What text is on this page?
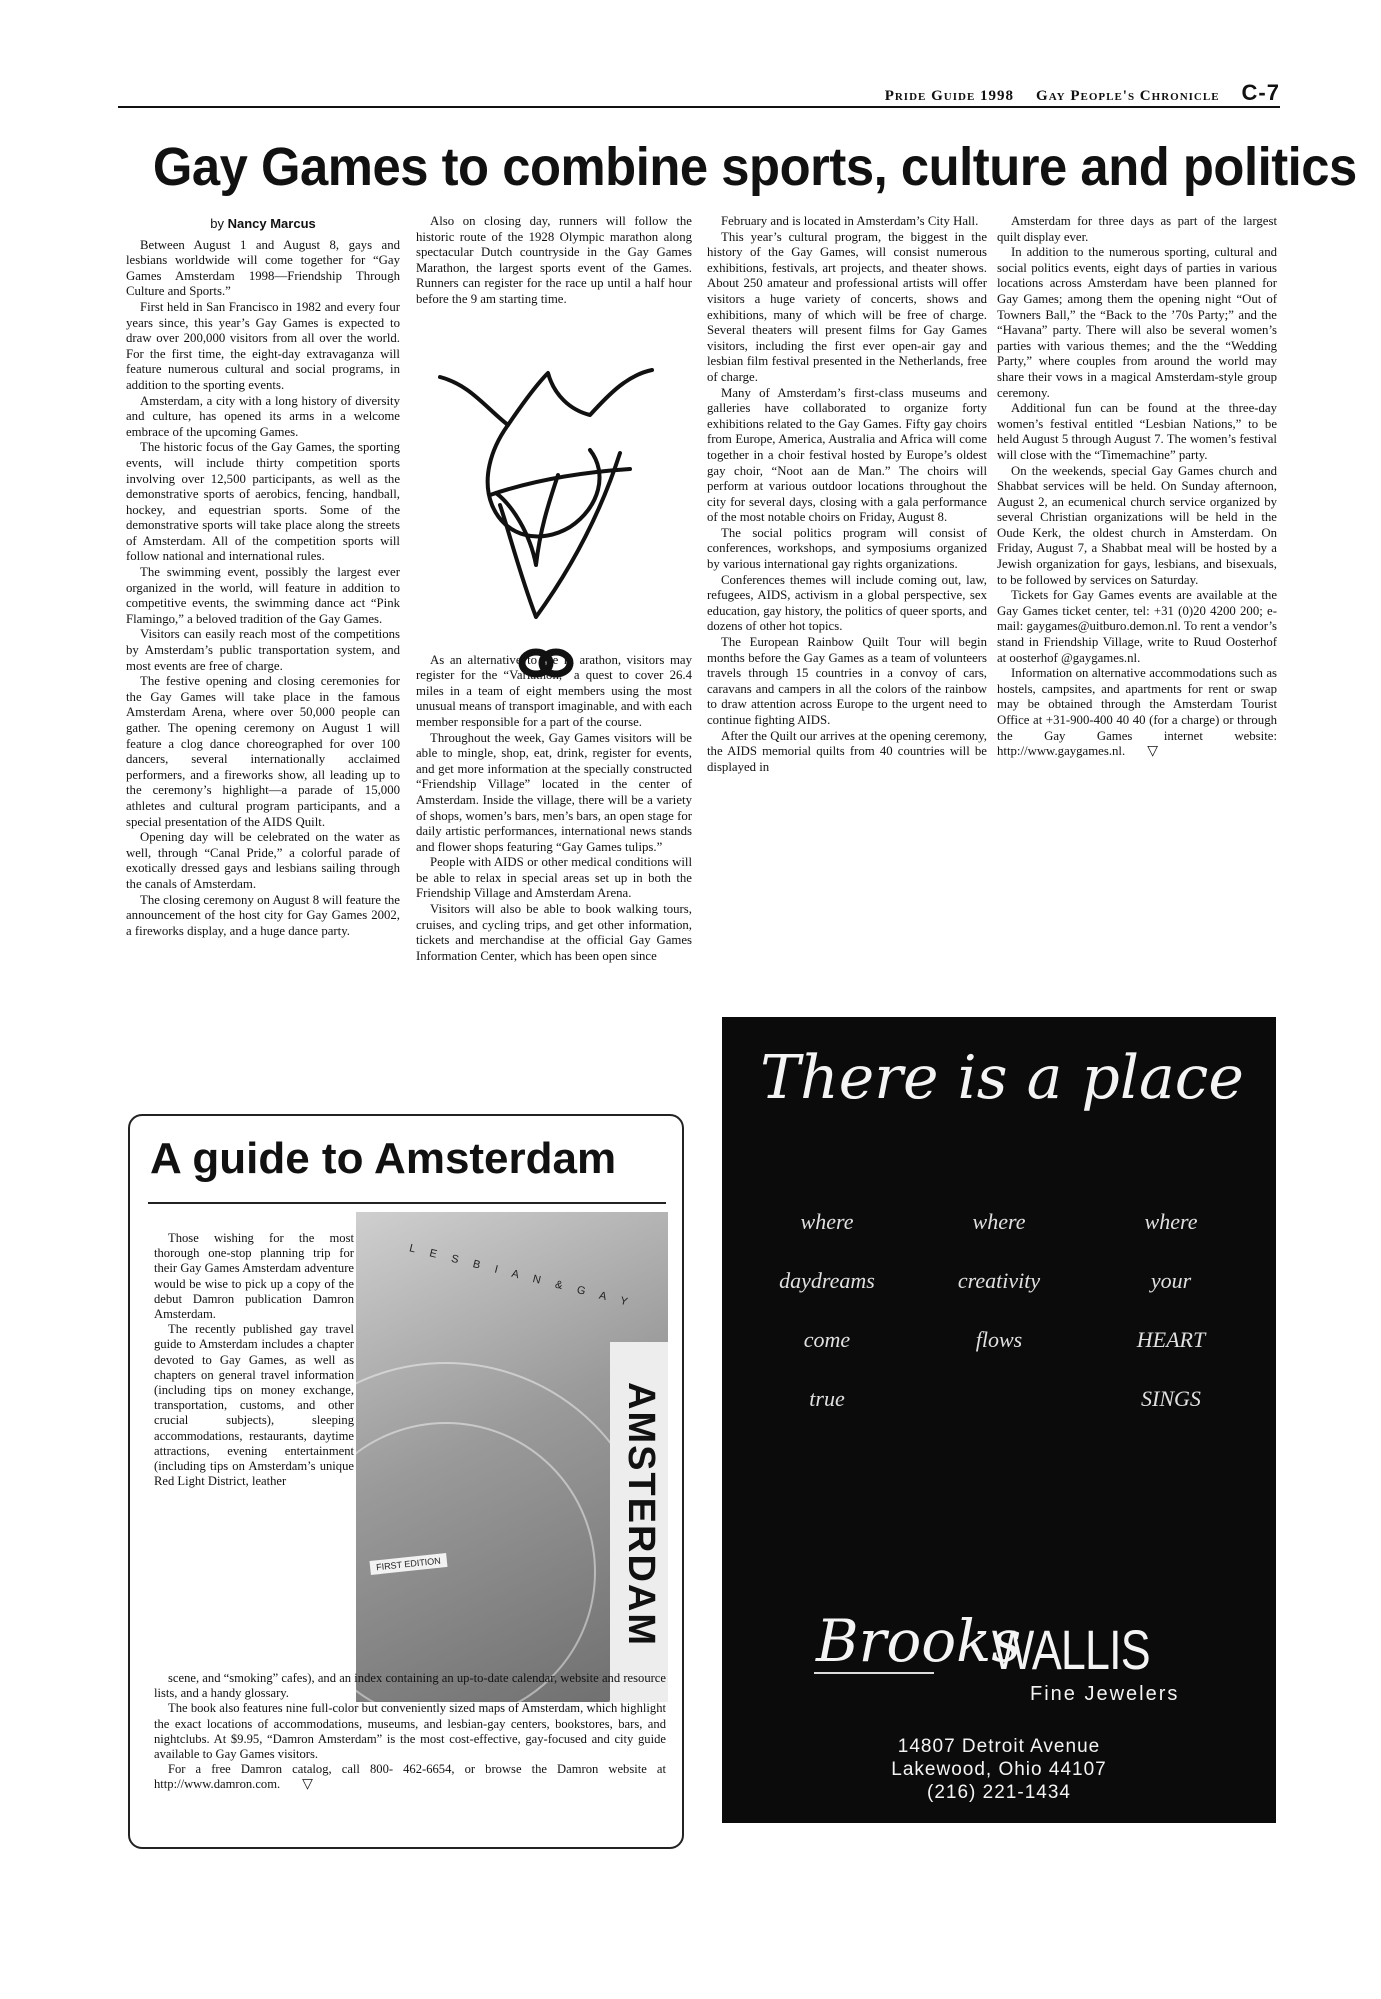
Pride Guide 1998 Gay People's Chronicle C-7
Gay Games to combine sports, culture and politics
by Nancy Marcus

Between August 1 and August 8, gays and lesbians worldwide will come together for “Gay Games Amsterdam 1998—Friendship Through Culture and Sports.”

First held in San Francisco in 1982 and every four years since, this year’s Gay Games is expected to draw over 200,000 visitors from all over the world. For the first time, the eight-day extravaganza will feature numerous cultural and social programs, in addition to the sporting events.

Amsterdam, a city with a long history of diversity and culture, has opened its arms in a welcome embrace of the upcoming Games.

The historic focus of the Gay Games, the sporting events, will include thirty competition sports involving over 12,500 participants, as well as the demonstrative sports of aerobics, fencing, handball, hockey, and equestrian sports. Some of the demonstrative sports will take place along the streets of Amsterdam. All of the competition sports will follow national and international rules.

The swimming event, possibly the largest ever organized in the world, will feature in addition to competitive events, the swimming dance act “Pink Flamingo,” a beloved tradition of the Gay Games.

Visitors can easily reach most of the competitions by Amsterdam’s public transportation system, and most events are free of charge.

The festive opening and closing ceremonies for the Gay Games will take place in the famous Amsterdam Arena, where over 50,000 people can gather. The opening ceremony on August 1 will feature a clog dance choreographed for over 100 dancers, several internationally acclaimed performers, and a fireworks show, all leading up to the ceremony’s highlight—a parade of 15,000 athletes and cultural program participants, and a special presentation of the AIDS Quilt.

Opening day will be celebrated on the water as well, through “Canal Pride,” a colorful parade of exotically dressed gays and lesbians sailing through the canals of Amsterdam.

The closing ceremony on August 8 will feature the announcement of the host city for Gay Games 2002, a fireworks display, and a huge dance party.

Also on closing day, runners will follow the historic route of the 1928 Olympic marathon along spectacular Dutch countryside in the Gay Games Marathon, the largest sports event of the Games. Runners can register for the race up until a half hour before the 9 am starting time.

As an alternative to the m arathon, visitors may register for the “Variathon,” a quest to cover 26.4 miles in a team of eight members using the most unusual means of transport imaginable, and with each member responsible for a part of the course.

Throughout the week, Gay Games visitors will be able to mingle, shop, eat, drink, register for events, and get more information at the specially constructed “Friendship Village” located in the center of Amsterdam. Inside the village, there will be a variety of shops, women’s bars, men’s bars, an open stage for daily artistic performances, international news stands and flower shops featuring “Gay Games tulips.”

People with AIDS or other medical conditions will be able to relax in special areas set up in both the Friendship Village and Amsterdam Arena.

Visitors will also be able to book walking tours, cruises, and cycling trips, and get other information, tickets and merchandise at the official Gay Games Information Center, which has been open since

February and is located in Amsterdam’s City Hall.

This year’s cultural program, the biggest in the history of the Gay Games, will consist numerous exhibitions, festivals, art projects, and theater shows. About 250 amateur and professional artists will offer visitors a huge variety of concerts, shows and exhibitions, many of which will be free of charge. Several theaters will present films for Gay Games visitors, including the first ever open-air gay and lesbian film festival presented in the Netherlands, free of charge.

Many of Amsterdam’s first-class museums and galleries have collaborated to organize forty exhibitions related to the Gay Games. Fifty gay choirs from Europe, America, Australia and Africa will come together in a choir festival hosted by Europe’s oldest gay choir, “Noot aan de Man.” The choirs will perform at various outdoor locations throughout the city for several days, closing with a gala performance of the most notable choirs on Friday, August 8.

The social politics program will consist of conferences, workshops, and symposiums organized by various international gay rights organizations.

Conferences themes will include coming out, law, refugees, AIDS, activism in a global perspective, sex education, gay history, the politics of queer sports, and dozens of other hot topics.

The European Rainbow Quilt Tour will begin months before the Gay Games as a team of volunteers travels through 15 countries in a convoy of cars, caravans and campers in all the colors of the rainbow to draw attention across Europe to the urgent need to continue fighting AIDS.

After the Quilt our arrives at the opening ceremony, the AIDS memorial quilts from 40 countries will be displayed in

Amsterdam for three days as part of the largest quilt display ever.

In addition to the numerous sporting, cultural and social politics events, eight days of parties in various locations across Amsterdam have been planned for Gay Games; among them the opening night “Out of Towners Ball,” the “Back to the ’70s Party;” and the “Havana” party. There will also be several women’s parties with various themes; and the the “Wedding Party,” where couples from around the world may share their vows in a magical Amsterdam-style group ceremony.

Additional fun can be found at the three-day women’s festival entitled “Lesbian Nations,” to be held August 5 through August 7. The women’s festival will close with the “Timemachine” party.

On the weekends, special Gay Games church and Shabbat services will be held. On Sunday afternoon, August 2, an ecumenical church service organized by several Christian organizations will be held in the Oude Kerk, the oldest church in Amsterdam. On Friday, August 7, a Shabbat meal will be hosted by a Jewish organization for gays, lesbians, and bisexuals, to be followed by services on Saturday.

Tickets for Gay Games events are available at the Gay Games ticket center, tel: +31 (0)20 4200 200; e-mail: gaygames@uitburo.demon.nl. To rent a vendor’s stand in Friendship Village, write to Ruud Oosterhof at oosterhof @gaygames.nl.

Information on alternative accommodations such as hostels, campsites, and apartments for rent or swap may be obtained through the Amsterdam Tourist Office at +31-900-400 40 40 (for a charge) or through the Gay Games internet website: http://www.gaygames.nl. ▽

A guide to Amsterdam
L E S B I A N & G A Y
FIRST EDITION	AMSTERDAM

Those wishing for the most thorough one-stop planning trip for their Gay Games Amsterdam adventure would be wise to pick up a copy of the debut Damron publication Damron Amsterdam.

The recently published gay travel guide to Amsterdam includes a chapter devoted to Gay Games, as well as chapters on general travel information (including tips on money exchange, transportation, customs, and other crucial subjects), sleeping accommodations, restaurants, daytime attractions, evening entertainment (including tips on Amsterdam’s unique Red Light District, leather

scene, and “smoking” cafes), and an index containing an up-to-date calendar, website and resource lists, and a handy glossary.

The book also features nine full-color but conveniently sized maps of Amsterdam, which highlight the exact locations of accommodations, museums, and lesbian-gay centers, bookstores, bars, and nightclubs. At $9.95, “Damron Amsterdam” is the most cost-effective, gay-focused and city guide available to Gay Games visitors.

For a free Damron catalog, call 800- 462-6654, or browse the Damron website at http://www.damron.com. ▽

There is a place
where
daydreams
come
true
where
creativity
flows
where
your
HEART
SINGS
Brooks
WALLIS
Fine Jewelers
14807 Detroit Avenue
Lakewood, Ohio 44107
(216) 221-1434
